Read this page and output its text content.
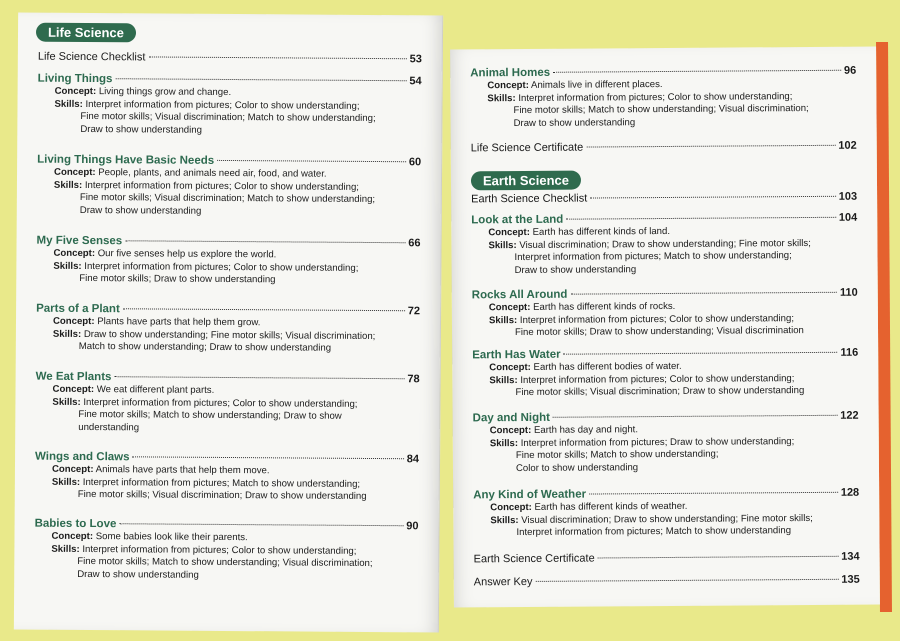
Life Science
Life Science Checklist	53
Living Things	54
Concept: Living things grow and change.
Skills: Interpret information from pictures; Color to show understanding;
Fine motor skills; Visual discrimination; Match to show understanding;
Draw to show understanding
Living Things Have Basic Needs	60
Concept: People, plants, and animals need air, food, and water.
Skills: Interpret information from pictures; Color to show understanding;
Fine motor skills; Visual discrimination; Match to show understanding;
Draw to show understanding
My Five Senses	66
Concept: Our five senses help us explore the world.
Skills: Interpret information from pictures; Color to show understanding;
Fine motor skills; Draw to show understanding
Parts of a Plant	72
Concept: Plants have parts that help them grow.
Skills: Draw to show understanding; Fine motor skills; Visual discrimination;
Match to show understanding; Draw to show understanding
We Eat Plants	78
Concept: We eat different plant parts.
Skills: Interpret information from pictures; Color to show understanding;
Fine motor skills; Match to show understanding; Draw to show
understanding
Wings and Claws	84
Concept: Animals have parts that help them move.
Skills: Interpret information from pictures; Match to show understanding;
Fine motor skills; Visual discrimination; Draw to show understanding
Babies to Love	90
Concept: Some babies look like their parents.
Skills: Interpret information from pictures; Color to show understanding;
Fine motor skills; Match to show understanding; Visual discrimination;
Draw to show understanding
Animal Homes	96
Concept: Animals live in different places.
Skills: Interpret information from pictures; Color to show understanding;
Fine motor skills; Match to show understanding; Visual discrimination;
Draw to show understanding
Life Science Certificate	102
Earth Science
Earth Science Checklist	103
Look at the Land	104
Concept: Earth has different kinds of land.
Skills: Visual discrimination; Draw to show understanding; Fine motor skills;
Interpret information from pictures; Match to show understanding;
Draw to show understanding
Rocks All Around	110
Concept: Earth has different kinds of rocks.
Skills: Interpret information from pictures; Color to show understanding;
Fine motor skills; Draw to show understanding; Visual discrimination
Earth Has Water	116
Concept: Earth has different bodies of water.
Skills: Interpret information from pictures; Color to show understanding;
Fine motor skills; Visual discrimination; Draw to show understanding
Day and Night	122
Concept: Earth has day and night.
Skills: Interpret information from pictures; Draw to show understanding;
Fine motor skills; Match to show understanding;
Color to show understanding
Any Kind of Weather	128
Concept: Earth has different kinds of weather.
Skills: Visual discrimination; Draw to show understanding; Fine motor skills;
Interpret information from pictures; Match to show understanding
Earth Science Certificate	134
Answer Key	135
